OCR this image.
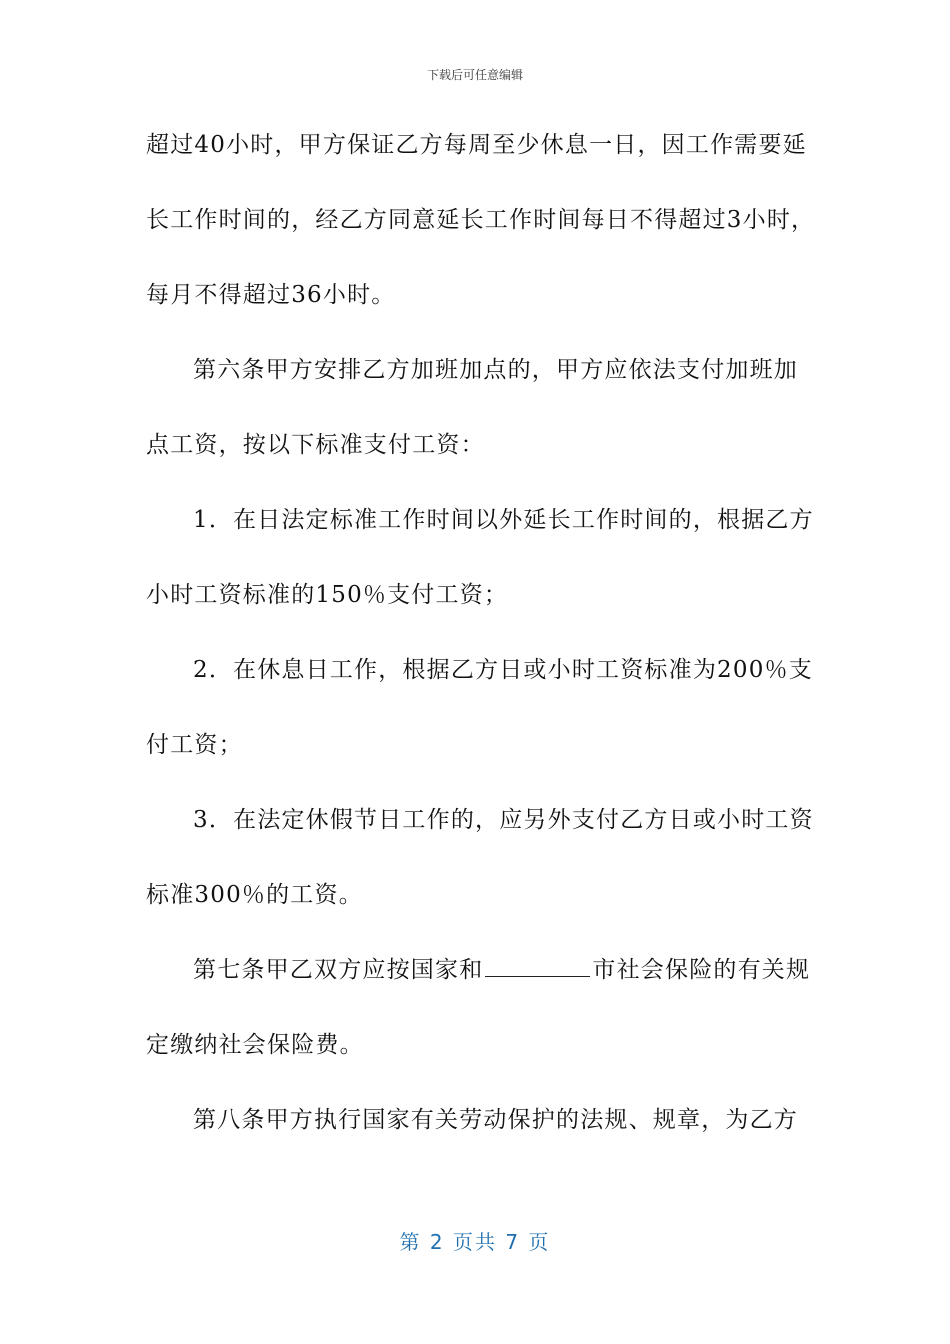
下载后可任意编辑
超过40小时，甲方保证乙方每周至少休息一日，因工作需要延
长工作时间的，经乙方同意延长工作时间每日不得超过3小时，
每月不得超过36小时。
第六条甲方安排乙方加班加点的，甲方应依法支付加班加
点工资，按以下标准支付工资：
1．在日法定标准工作时间以外延长工作时间的，根据乙方
小时工资标准的150％支付工资；
2．在休息日工作，根据乙方日或小时工资标准为200％支
付工资；
3．在法定休假节日工作的，应另外支付乙方日或小时工资
标准300％的工资。
第七条甲乙双方应按国家和	市社会保险的有关规
定缴纳社会保险费。
第八条甲方执行国家有关劳动保护的法规、规章，为乙方
第 2 页共 7 页
